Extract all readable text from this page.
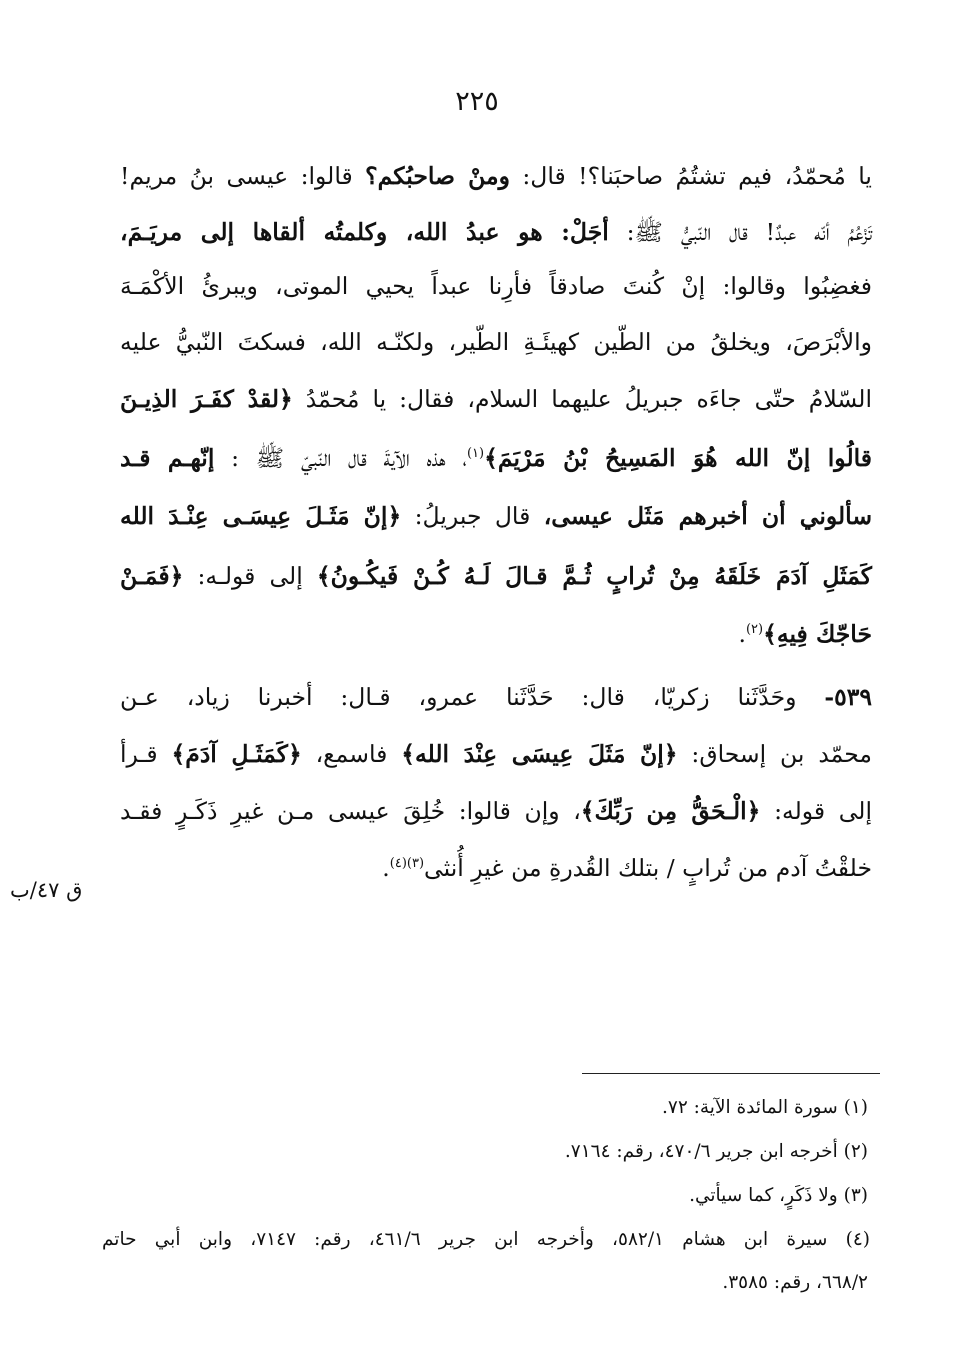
٢٢٥
يا مُحمّدُ، فيم تشتُمُ صاحبَنا؟! قال: ومنْ صاحبُكم؟ قالوا: عيسى بنُ مريم!
تَزْعُمُ أنّه عبدٌ! قال النّبيُّ ﷺ: أجَلْ: هو عبدُ الله، وكلمتُه ألقاها إلى مريَـمَ،
فغضِبُوا وقالوا: إنْ كُنتَ صادقاً فأرِنا عبداً يحيي الموتى، ويبرئُ الأكْمَـهَ
والأبْرَصَ، ويخلقُ من الطّين كهيئَـةِ الطّير، ولكنّـه الله، فسكتَ النّبيُّ عليه
السّلامُ حتّى جاءَه جبريلُ عليهما السلام، فقال: يا مُحمّدُ ﴿لقدْ كفَـرَ الذِيـنَ
قالُوا إنّ الله هُوَ المَسِيحُ بْنُ مَرْيَمَ﴾$^{(١)}$، هذه الآيةَ قال النّبيّ ﷺ : إنّهـم قـد
سألوني أن أخبرهم مَثَل عيسى، قال جبريلُ: ﴿إنّ مَثَـلَ عِيسَـى عِنْـدَ الله
كَمَثَلِ آدَمَ خَلَقَهُ مِنْ تُرابٍ ثُـمَّ قـالَ لَـهُ كُـنْ فَيكُـونُ﴾ إلى قولـه: ﴿فَمَـنْ
حَاجّكَ فِيهِ﴾$^{(٢)}$.
٥٣٩- وحَدَّثَنا زكريّا، قال: حَدَّثَنا عمرو، قـال: أخبرنا زياد، عـن
محمّد بن إسحاق: ﴿إنّ مَثَلَ عِيسَى عِنْدَ الله﴾ فاسمع، ﴿كَمَثَـلِ آدَمَ﴾ قـرأ
إلى قوله: ﴿الْـحَقُّ مِن رَبِّكَ﴾، وإن قالوا: خُلِقَ عيسى مـن غيرِ ذَكَـرٍ فقـد
خلقْتُ آدم من تُرابٍ / بتلك القُدرةِ من غيرِ أُنثى$^{(٣)(٤)}$.
ق ٤٧/ب
(١) سورة المائدة الآية: ٧٢.
(٢) أخرجه ابن جرير ٤٧٠/٦، رقم: ٧١٦٤.
(٣) ولا ذَكَرٍ، كما سيأتي.
(٤) سيرة ابن هشام ٥٨٢/١، وأخرجه ابن جرير ٤٦١/٦، رقم: ٧١٤٧، وابن أبي حاتم
٦٦٨/٢، رقم: ٣٥٨٥.
